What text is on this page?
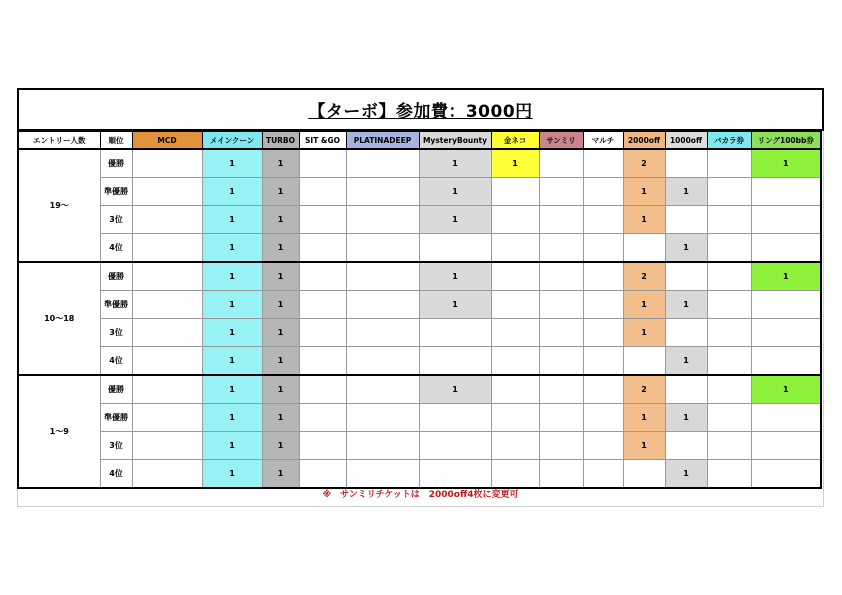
【ターボ】参加費：3000円
エントリー人数	順位	MCD	メインクーン	TURBO	SIT &GO	PLATINADEEP	MysteryBounty	金ネコ	サンミリ	マルチ	2000off	1000off	バカラ券	リング100bb券
19～	優勝		1	1			1	1			2			1
	準優勝		1	1			1				1	1		
	3位		1	1			1				1			
	4位		1	1								1		
10～18	優勝		1	1			1				2			1
	準優勝		1	1			1				1	1		
	3位		1	1							1			
	4位		1	1								1		
1～9	優勝		1	1			1				2			1
	準優勝		1	1							1	1		
	3位		1	1							1			
	4位		1	1								1		
※　サンミリチケットは　2000off4枚に変更可
